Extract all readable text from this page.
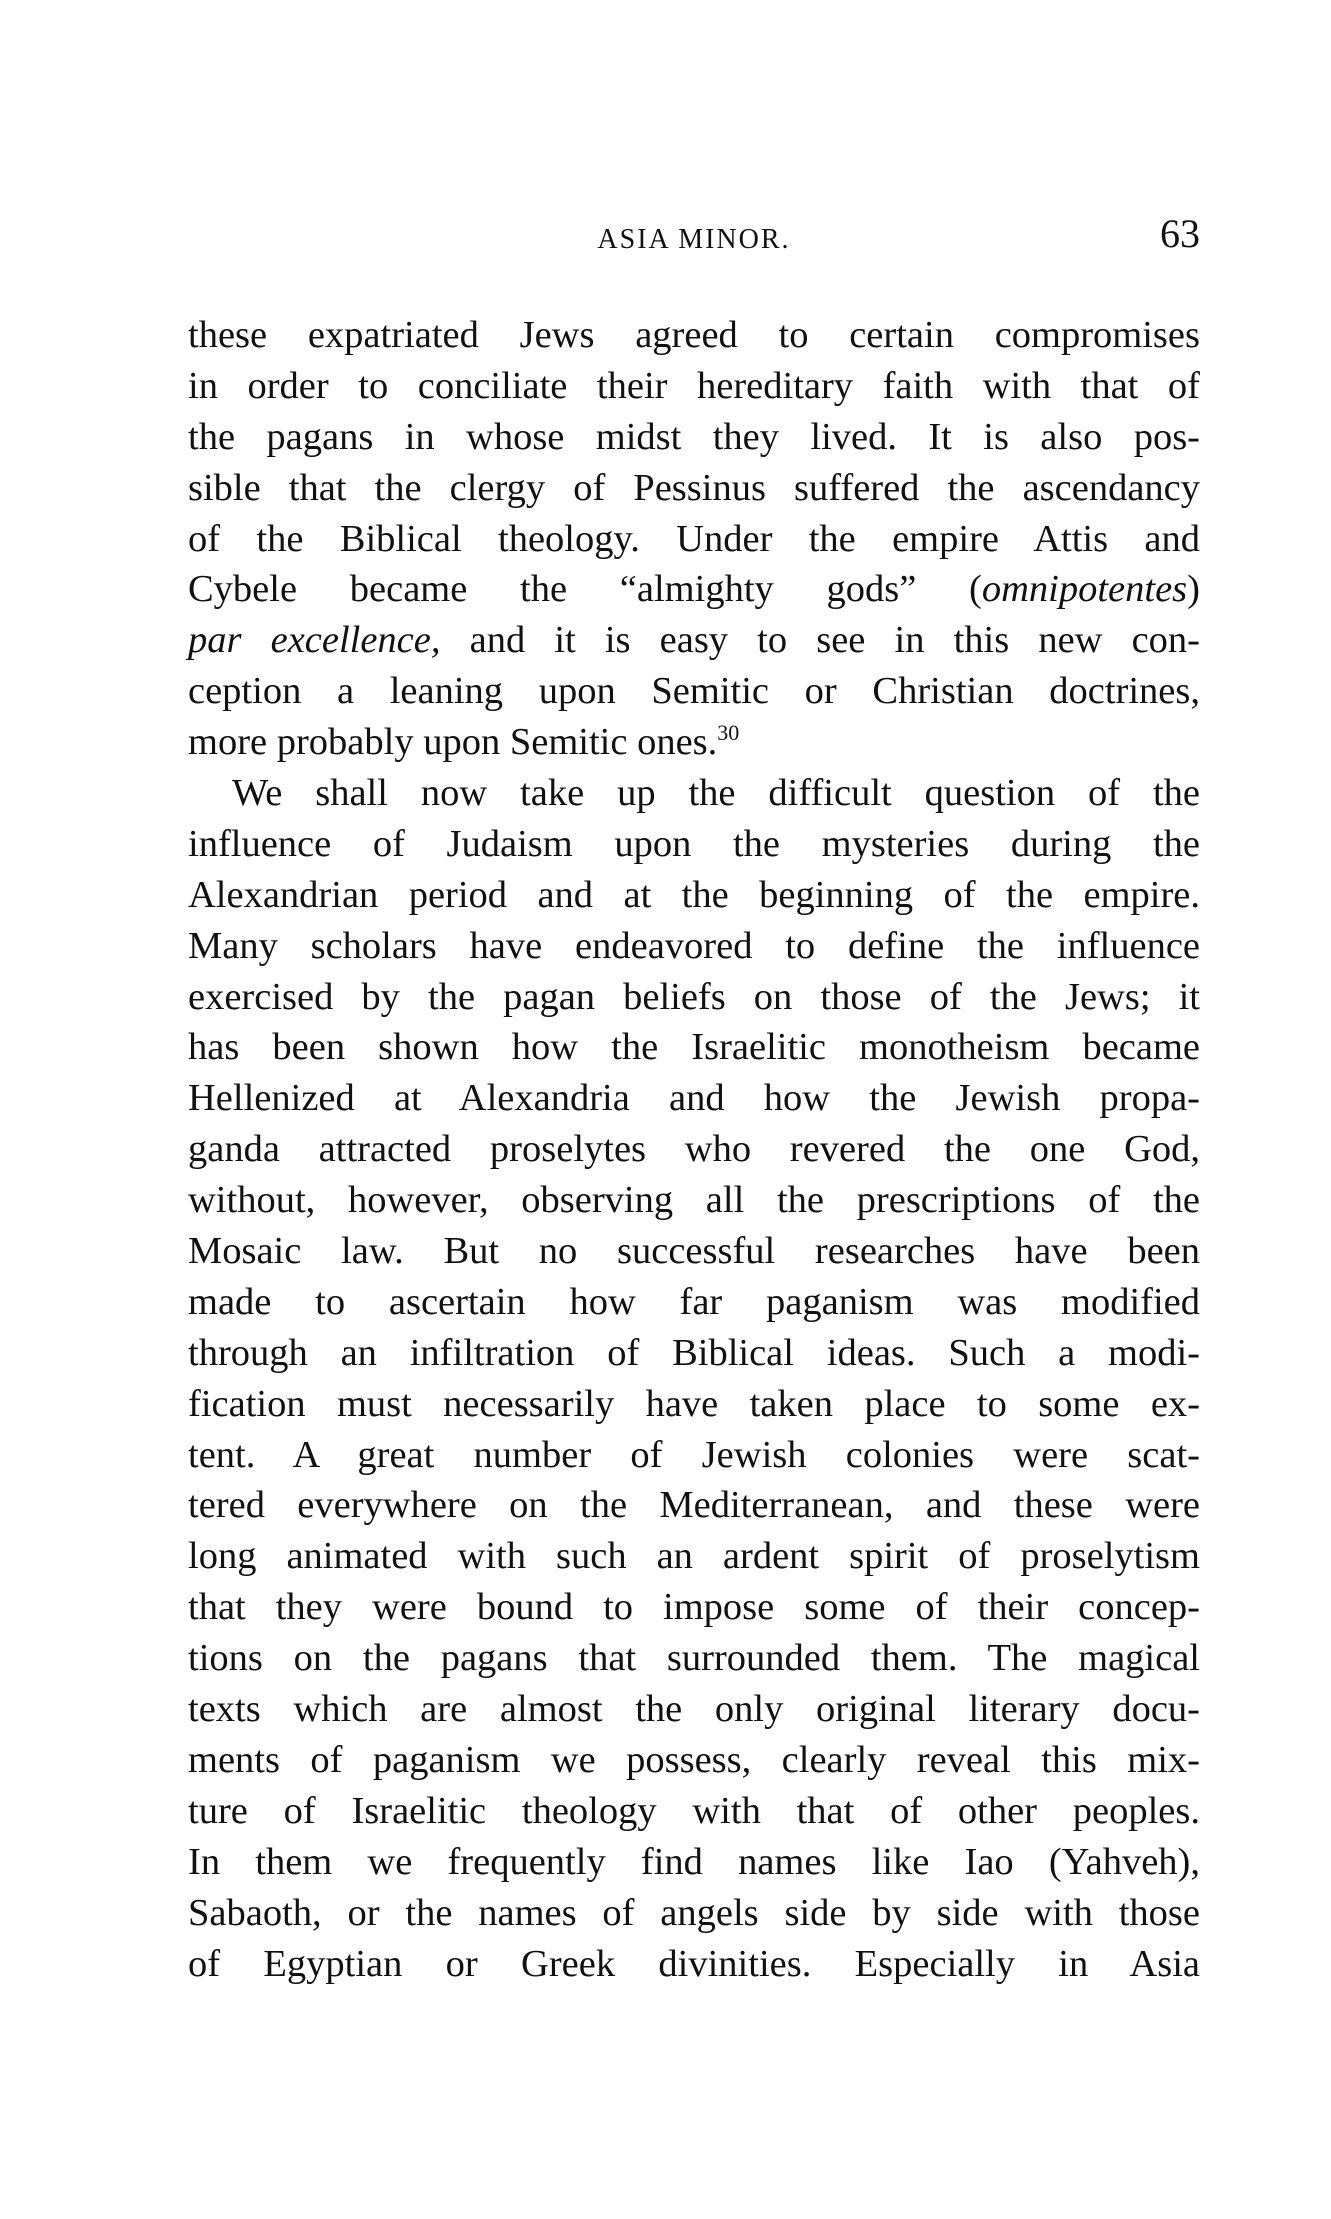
ASIA MINOR.	63
these expatriated Jews agreed to certain compromises
in order to conciliate their hereditary faith with that of
the pagans in whose midst they lived. It is also pos-
sible that the clergy of Pessinus suffered the ascendancy
of the Biblical theology. Under the empire Attis and
Cybele became the “almighty gods” (omnipotentes)
par excellence, and it is easy to see in this new con-
ception a leaning upon Semitic or Christian doctrines,
more probably upon Semitic ones.$^{30}$
We shall now take up the difficult question of the
influence of Judaism upon the mysteries during the
Alexandrian period and at the beginning of the empire.
Many scholars have endeavored to define the influence
exercised by the pagan beliefs on those of the Jews; it
has been shown how the Israelitic monotheism became
Hellenized at Alexandria and how the Jewish propa-
ganda attracted proselytes who revered the one God,
without, however, observing all the prescriptions of the
Mosaic law. But no successful researches have been
made to ascertain how far paganism was modified
through an infiltration of Biblical ideas. Such a modi-
fication must necessarily have taken place to some ex-
tent. A great number of Jewish colonies were scat-
tered everywhere on the Mediterranean, and these were
long animated with such an ardent spirit of proselytism
that they were bound to impose some of their concep-
tions on the pagans that surrounded them. The magical
texts which are almost the only original literary docu-
ments of paganism we possess, clearly reveal this mix-
ture of Israelitic theology with that of other peoples.
In them we frequently find names like Iao (Yahveh),
Sabaoth, or the names of angels side by side with those
of Egyptian or Greek divinities. Especially in Asia
